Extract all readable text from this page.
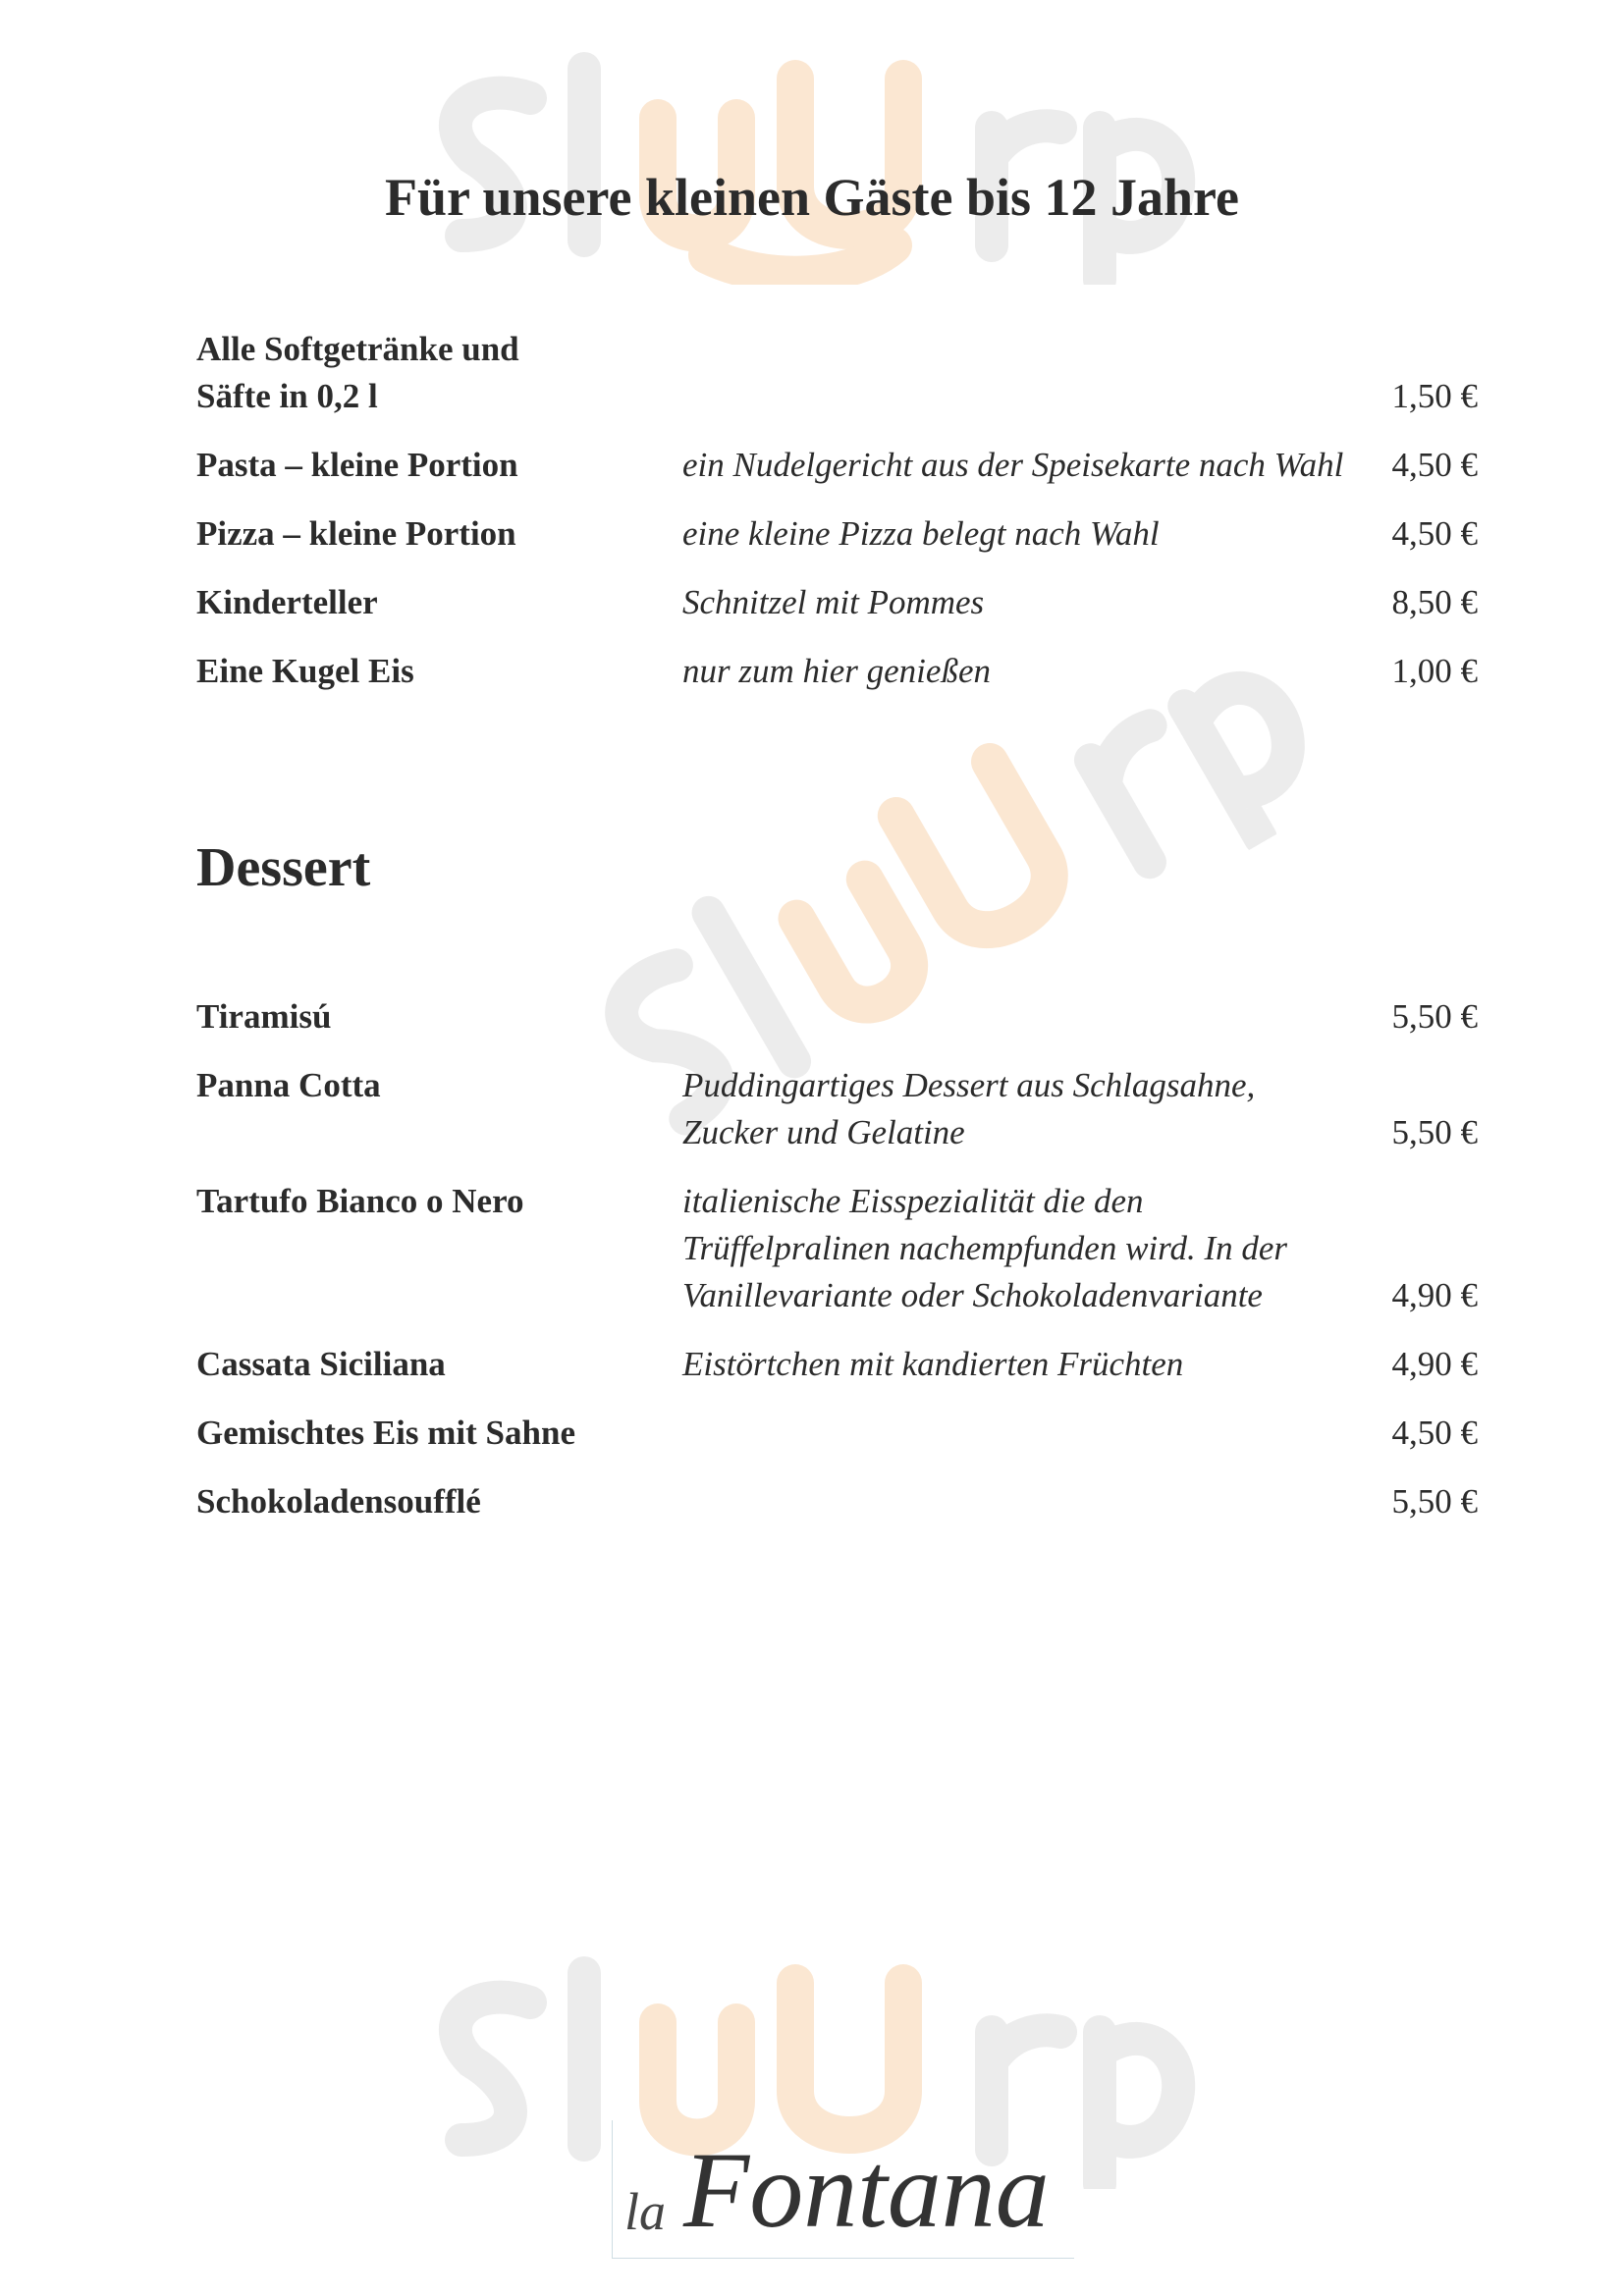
Für unsere kleinen Gäste bis 12 Jahre
Alle Softgetränke und Säfte in 0,2 l	1,50 €
Pasta – kleine Portion	ein Nudelgericht aus der Speisekarte nach Wahl	4,50 €
Pizza – kleine Portion	eine kleine Pizza belegt nach Wahl	4,50 €
Kinderteller	Schnitzel mit Pommes	8,50 €
Eine Kugel Eis	nur zum hier genießen	1,00 €
Dessert
Tiramisú	5,50 €
Panna Cotta	Puddingartiges Dessert aus Schlagsahne, Zucker und Gelatine	5,50 €
Tartufo Bianco o Nero	italienische Eisspezialität die den Trüffelpralinen nachempfunden wird. In der Vanillevariante oder Schokoladenvariante	4,90 €
Cassata Siciliana	Eistörtchen mit kandierten Früchten	4,90 €
Gemischtes Eis mit Sahne	4,50 €
Schokoladensoufflé	5,50 €
la Fontana
